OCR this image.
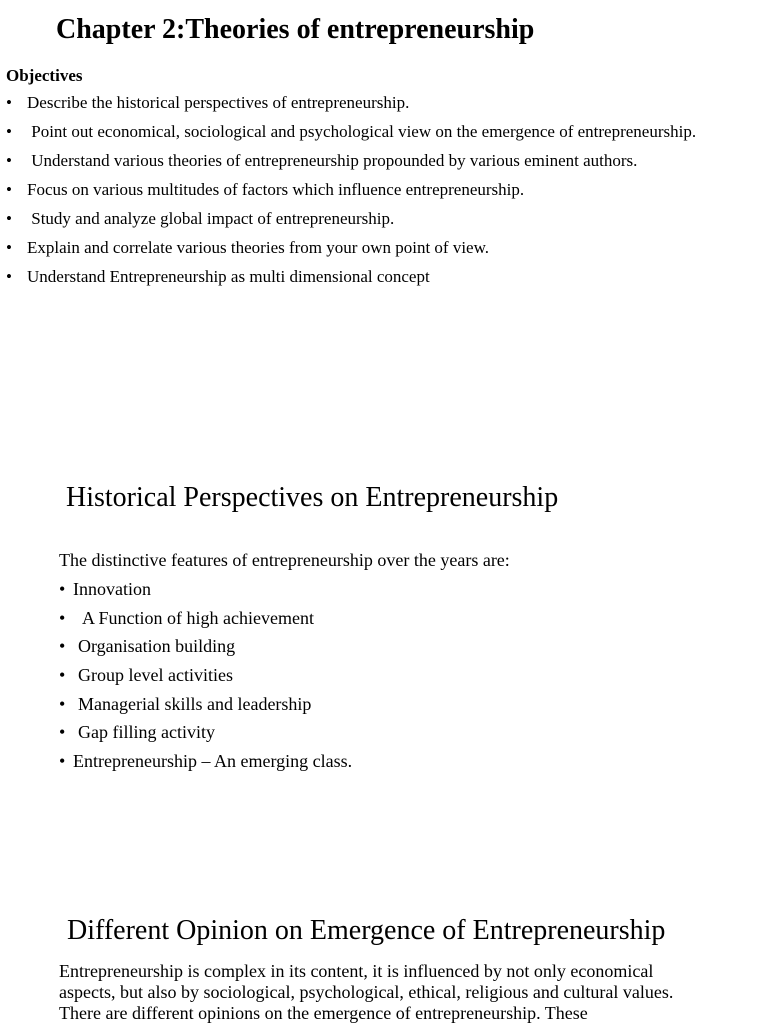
Chapter 2:Theories of entrepreneurship
Objectives
• Describe the historical perspectives of entrepreneurship.
• Point out economical, sociological and psychological view on the emergence of entrepreneurship.
• Understand various theories of entrepreneurship propounded by various eminent authors.
• Focus on various multitudes of factors which influence entrepreneurship.
• Study and analyze global impact of entrepreneurship.
• Explain and correlate various theories from your own point of view.
• Understand Entrepreneurship as multi dimensional concept
Historical Perspectives on Entrepreneurship
The distinctive features of entrepreneurship over the years are:
• Innovation
• A Function of high achievement
• Organisation building
• Group level activities
• Managerial skills and leadership
• Gap filling activity
• Entrepreneurship – An emerging class.
Different Opinion on Emergence of Entrepreneurship
Entrepreneurship is complex in its content, it is influenced by not only economical aspects, but also by sociological, psychological, ethical, religious and cultural values. There are different opinions on the emergence of entrepreneurship. These
